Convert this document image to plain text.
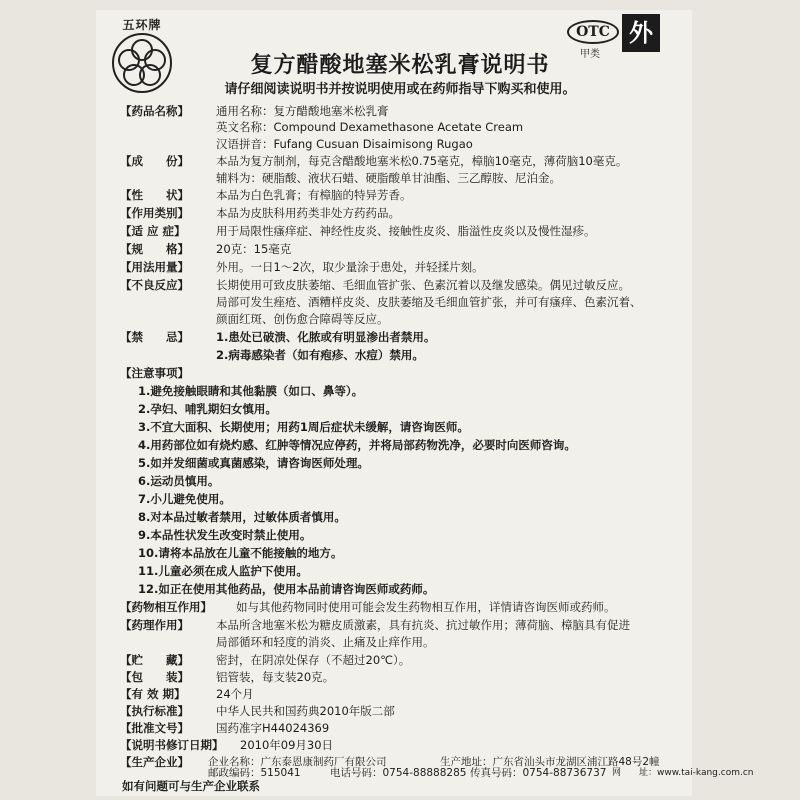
五环牌	OTC
甲类
外
复方醋酸地塞米松乳膏说明书
请仔细阅读说明书并按说明使用或在药师指导下购买和使用。
【药品名称】 通用名称：复方醋酸地塞米松乳膏
英文名称：Compound Dexamethasone Acetate Cream
汉语拼音：Fufang Cusuan Disaimisong Rugao
【成　　份】 本品为复方制剂，每克含醋酸地塞米松0.75毫克，樟脑10毫克，薄荷脑10毫克。
辅料为：硬脂酸、液状石蜡、硬脂酸单甘油酯、三乙醇胺、尼泊金。
【性　　状】 本品为白色乳膏；有樟脑的特异芳香。
【作用类别】 本品为皮肤科用药类非处方药药品。
【适 应 症】	用于局限性瘙痒症、神经性皮炎、接触性皮炎、脂溢性皮炎以及慢性湿疹。
【规　　格】 20克：15毫克
【用法用量】 外用。一日1～2次，取少量涂于患处，并轻揉片刻。
【不良反应】 长期使用可致皮肤萎缩、毛细血管扩张、色素沉着以及继发感染。偶见过敏反应。
局部可发生痤疮、酒糟样皮炎、皮肤萎缩及毛细血管扩张，并可有瘙痒、色素沉着、
颜面红斑、创伤愈合障碍等反应。
【禁　　忌】 1.患处已破溃、化脓或有明显渗出者禁用。
2.病毒感染者（如有疱疹、水痘）禁用。
【注意事项】
1.避免接触眼睛和其他黏膜（如口、鼻等）。
2.孕妇、哺乳期妇女慎用。
3.不宜大面积、长期使用；用药1周后症状未缓解，请咨询医师。
4.用药部位如有烧灼感、红肿等情况应停药，并将局部药物洗净，必要时向医师咨询。
5.如并发细菌或真菌感染，请咨询医师处理。
6.运动员慎用。
7.小儿避免使用。
8.对本品过敏者禁用，过敏体质者慎用。
9.本品性状发生改变时禁止使用。
10.请将本品放在儿童不能接触的地方。
11.儿童必须在成人监护下使用。
12.如正在使用其他药品，使用本品前请咨询医师或药师。
【药物相互作用】 如与其他药物同时使用可能会发生药物相互作用，详情请咨询医师或药师。
【药理作用】 本品所含地塞米松为糖皮质激素，具有抗炎、抗过敏作用；薄荷脑、樟脑具有促进
局部循环和轻度的消炎、止痛及止痒作用。
【贮　　藏】 密封，在阴凉处保存（不超过20℃）。
【包　　装】 铝管装，每支装20克。
【有 效 期】	24个月
【执行标准】 中华人民共和国药典2010年版二部
【批准文号】 国药准字H44024369
【说明书修订日期】 2010年09月30日
【生产企业】 企业名称：广东泰恩康制药厂有限公司	生产地址：广东省汕头市龙湖区浦江路48号2幢
邮政编码：515041	电话号码：0754-88888285 传真号码：0754-88736737 网　　址：www.tai-kang.com.cn
如有问题可与生产企业联系
